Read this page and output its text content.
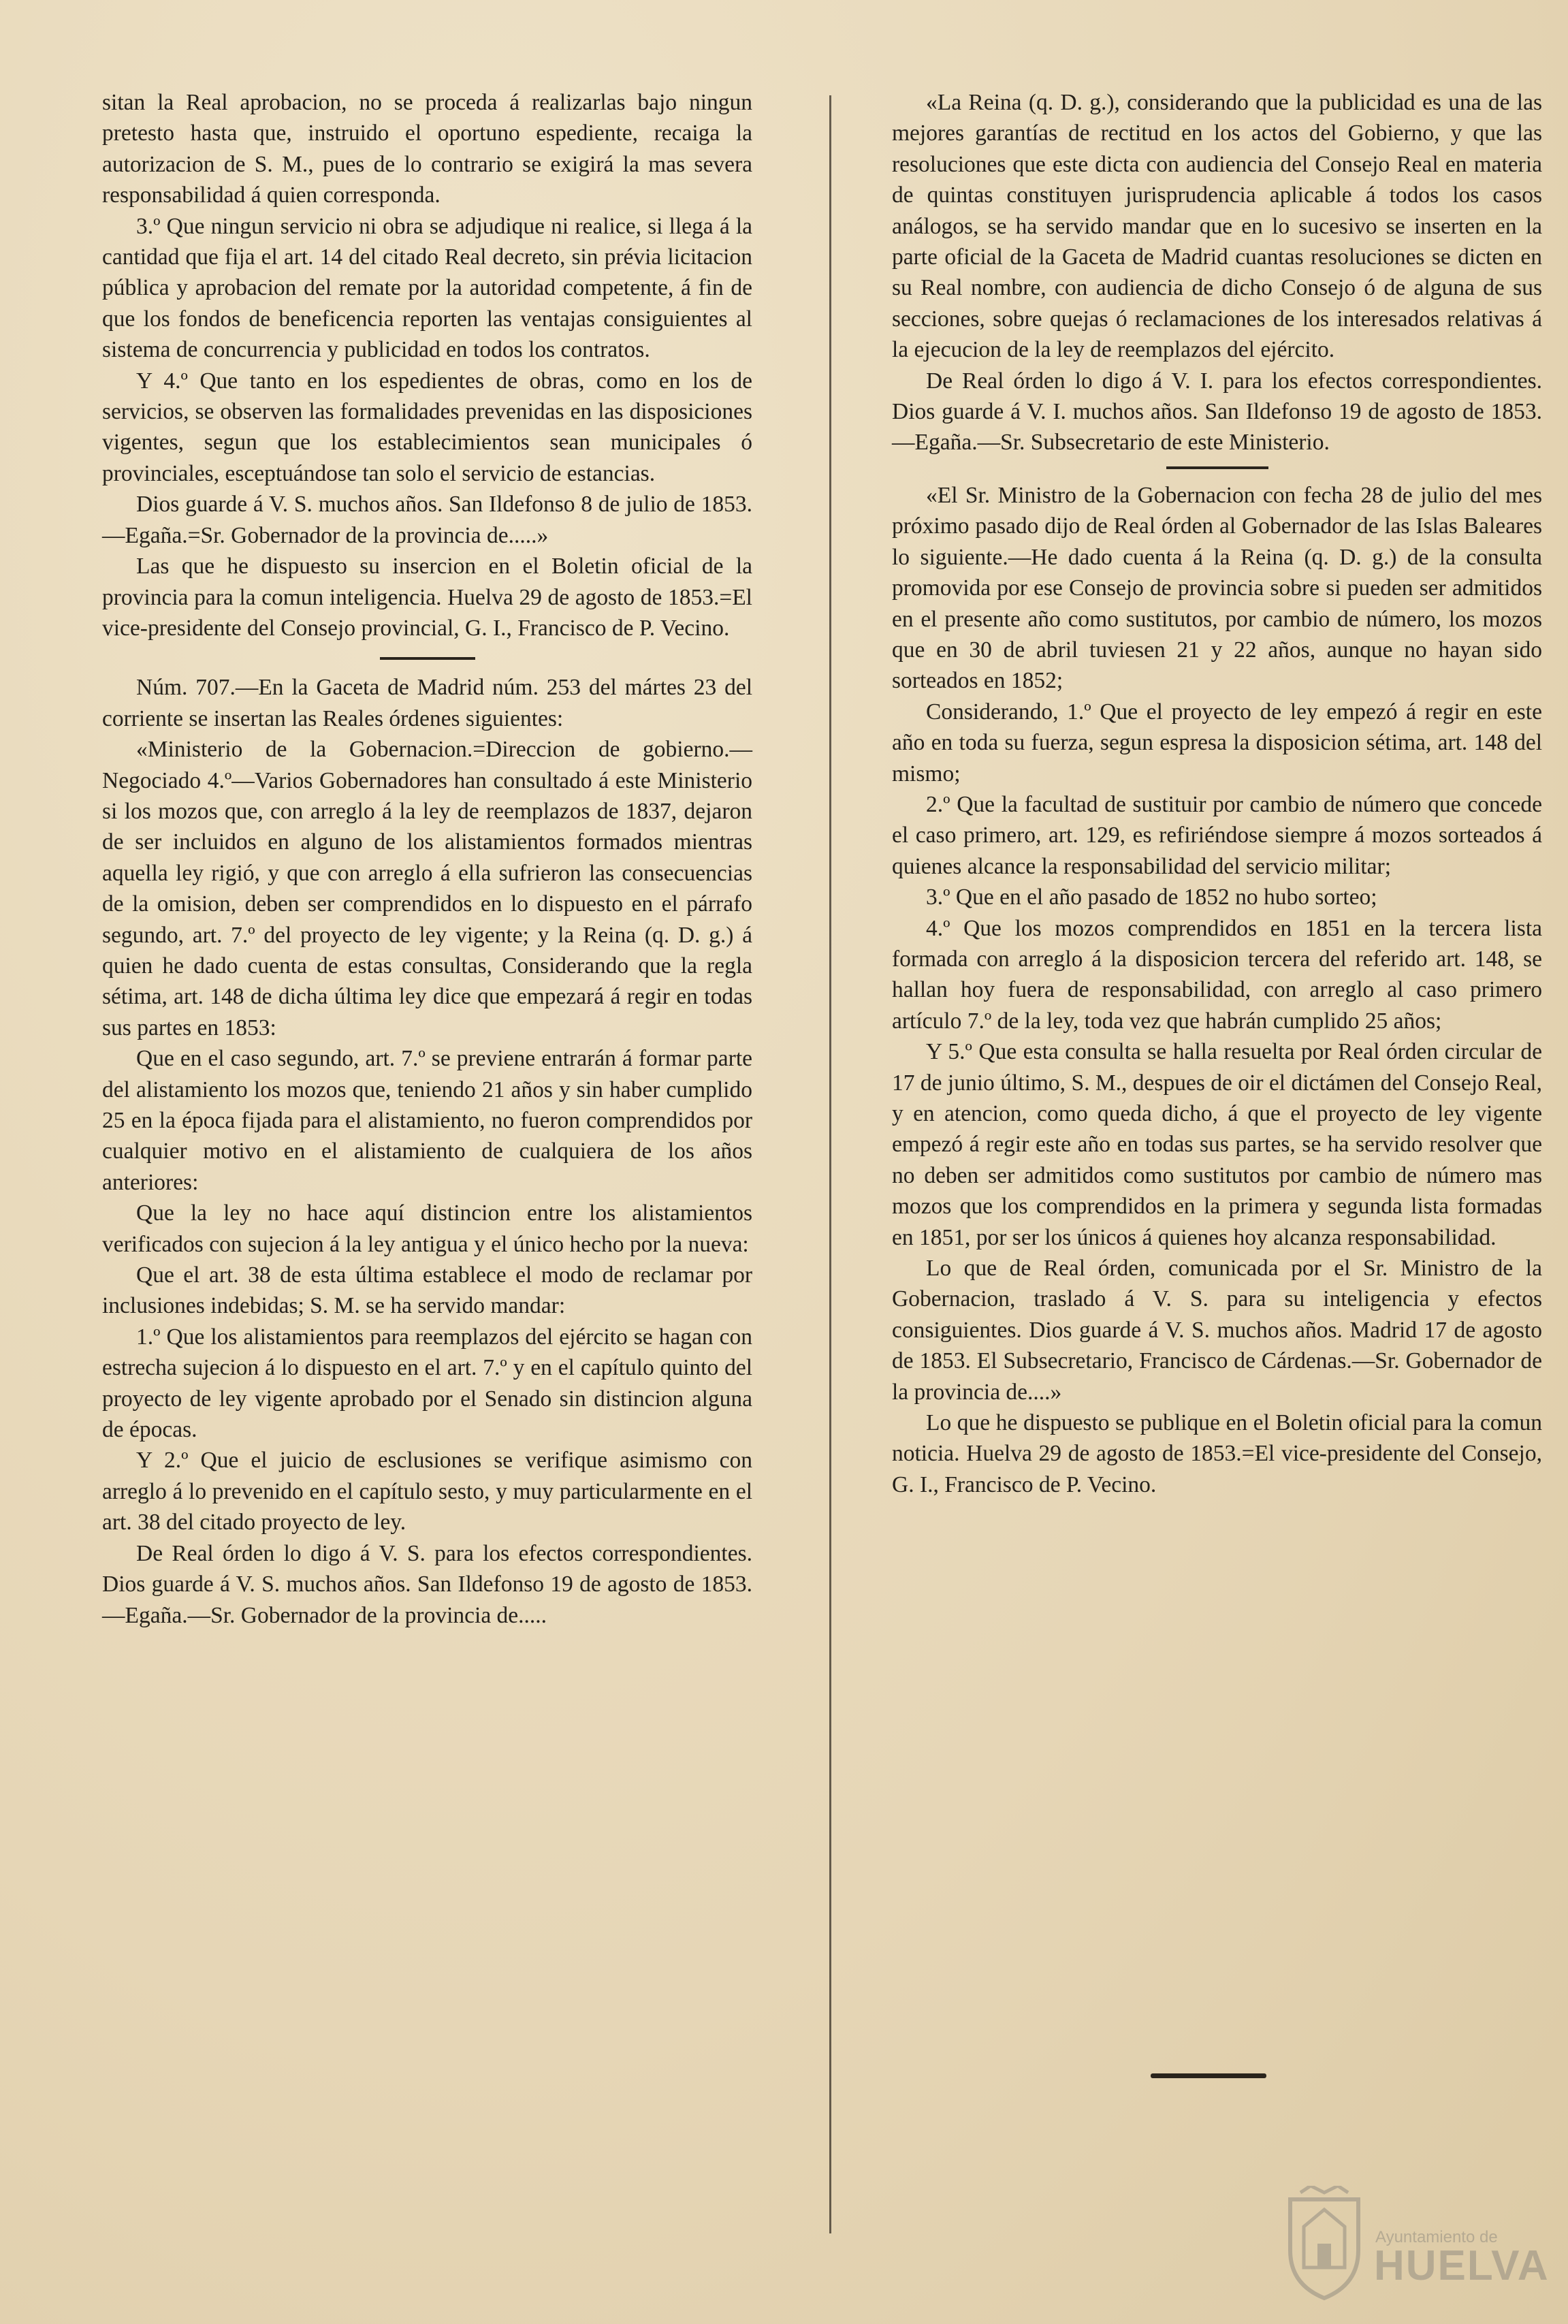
sitan la Real aprobacion, no se proceda á realizarlas bajo ningun pretesto hasta que, instruido el oportuno espediente, recaiga la autorizacion de S. M., pues de lo contrario se exigirá la mas severa responsabilidad á quien corresponda.

3.º Que ningun servicio ni obra se adjudique ni realice, si llega á la cantidad que fija el art. 14 del citado Real decreto, sin prévia licitacion pública y aprobacion del remate por la autoridad competente, á fin de que los fondos de beneficencia reporten las ventajas consiguientes al sistema de concurrencia y publicidad en todos los contratos.

Y 4.º Que tanto en los espedientes de obras, como en los de servicios, se observen las formalidades prevenidas en las disposiciones vigentes, segun que los establecimientos sean municipales ó provinciales, esceptuándose tan solo el servicio de estancias.

Dios guarde á V. S. muchos años. San Ildefonso 8 de julio de 1853.—Egaña.=Sr. Gobernador de la provincia de.....»

Las que he dispuesto su insercion en el Boletin oficial de la provincia para la comun inteligencia. Huelva 29 de agosto de 1853.=El vice-presidente del Consejo provincial, G. I., Francisco de P. Vecino.

Núm. 707.—En la Gaceta de Madrid núm. 253 del mártes 23 del corriente se insertan las Reales órdenes siguientes:

«Ministerio de la Gobernacion.=Direccion de gobierno.—Negociado 4.º—Varios Gobernadores han consultado á este Ministerio si los mozos que, con arreglo á la ley de reemplazos de 1837, dejaron de ser incluidos en alguno de los alistamientos formados mientras aquella ley rigió, y que con arreglo á ella sufrieron las consecuencias de la omision, deben ser comprendidos en lo dispuesto en el párrafo segundo, art. 7.º del proyecto de ley vigente; y la Reina (q. D. g.) á quien he dado cuenta de estas consultas, Considerando que la regla sétima, art. 148 de dicha última ley dice que empezará á regir en todas sus partes en 1853:

Que en el caso segundo, art. 7.º se previene entrarán á formar parte del alistamiento los mozos que, teniendo 21 años y sin haber cumplido 25 en la época fijada para el alistamiento, no fueron comprendidos por cualquier motivo en el alistamiento de cualquiera de los años anteriores:

Que la ley no hace aquí distincion entre los alistamientos verificados con sujecion á la ley antigua y el único hecho por la nueva:

Que el art. 38 de esta última establece el modo de reclamar por inclusiones indebidas; S. M. se ha servido mandar:

1.º Que los alistamientos para reemplazos del ejército se hagan con estrecha sujecion á lo dispuesto en el art. 7.º y en el capítulo quinto del proyecto de ley vigente aprobado por el Senado sin distincion alguna de épocas.

Y 2.º Que el juicio de esclusiones se verifique asimismo con arreglo á lo prevenido en el capítulo sesto, y muy particularmente en el art. 38 del citado proyecto de ley.

De Real órden lo digo á V. S. para los efectos correspondientes. Dios guarde á V. S. muchos años. San Ildefonso 19 de agosto de 1853.—Egaña.—Sr. Gobernador de la provincia de.....

«La Reina (q. D. g.), considerando que la publicidad es una de las mejores garantías de rectitud en los actos del Gobierno, y que las resoluciones que este dicta con audiencia del Consejo Real en materia de quintas constituyen jurisprudencia aplicable á todos los casos análogos, se ha servido mandar que en lo sucesivo se inserten en la parte oficial de la Gaceta de Madrid cuantas resoluciones se dicten en su Real nombre, con audiencia de dicho Consejo ó de alguna de sus secciones, sobre quejas ó reclamaciones de los interesados relativas á la ejecucion de la ley de reemplazos del ejército.

De Real órden lo digo á V. I. para los efectos correspondientes. Dios guarde á V. I. muchos años. San Ildefonso 19 de agosto de 1853.—Egaña.—Sr. Subsecretario de este Ministerio.

«El Sr. Ministro de la Gobernacion con fecha 28 de julio del mes próximo pasado dijo de Real órden al Gobernador de las Islas Baleares lo siguiente.—He dado cuenta á la Reina (q. D. g.) de la consulta promovida por ese Consejo de provincia sobre si pueden ser admitidos en el presente año como sustitutos, por cambio de número, los mozos que en 30 de abril tuviesen 21 y 22 años, aunque no hayan sido sorteados en 1852;

Considerando, 1.º Que el proyecto de ley empezó á regir en este año en toda su fuerza, segun espresa la disposicion sétima, art. 148 del mismo;

2.º Que la facultad de sustituir por cambio de número que concede el caso primero, art. 129, es refiriéndose siempre á mozos sorteados á quienes alcance la responsabilidad del servicio militar;

3.º Que en el año pasado de 1852 no hubo sorteo;

4.º Que los mozos comprendidos en 1851 en la tercera lista formada con arreglo á la disposicion tercera del referido art. 148, se hallan hoy fuera de responsabilidad, con arreglo al caso primero artículo 7.º de la ley, toda vez que habrán cumplido 25 años;

Y 5.º Que esta consulta se halla resuelta por Real órden circular de 17 de junio último, S. M., despues de oir el dictámen del Consejo Real, y en atencion, como queda dicho, á que el proyecto de ley vigente empezó á regir este año en todas sus partes, se ha servido resolver que no deben ser admitidos como sustitutos por cambio de número mas mozos que los comprendidos en la primera y segunda lista formadas en 1851, por ser los únicos á quienes hoy alcanza responsabilidad.

Lo que de Real órden, comunicada por el Sr. Ministro de la Gobernacion, traslado á V. S. para su inteligencia y efectos consiguientes. Dios guarde á V. S. muchos años. Madrid 17 de agosto de 1853. El Subsecretario, Francisco de Cárdenas.—Sr. Gobernador de la provincia de....»

Lo que he dispuesto se publique en el Boletin oficial para la comun noticia. Huelva 29 de agosto de 1853.=El vice-presidente del Consejo, G. I., Francisco de P. Vecino.

Ayuntamiento de
HUELVA
